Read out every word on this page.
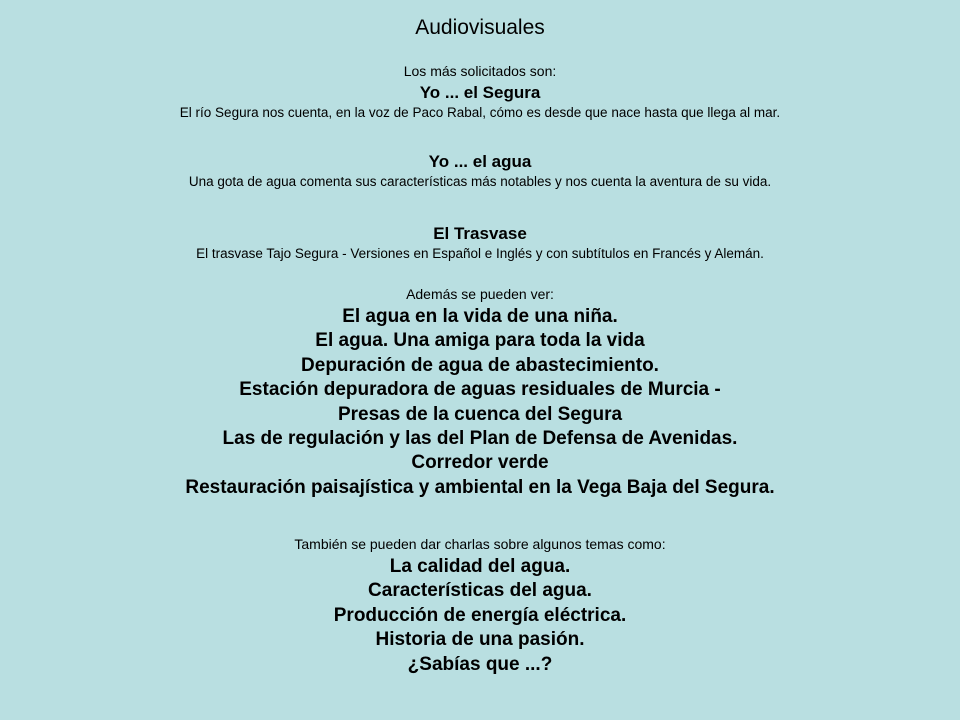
Audiovisuales
Los más solicitados son:
Yo ... el Segura
El río Segura nos cuenta, en la voz de Paco Rabal, cómo es desde que nace hasta que llega al mar.
Yo ... el agua
Una gota de agua comenta sus características más notables y nos cuenta la aventura de su vida.
El Trasvase
El trasvase Tajo Segura - Versiones en Español e Inglés y con subtítulos en Francés y Alemán.
Además se pueden ver:
El agua en la vida de una niña.
El agua. Una amiga para toda la vida
Depuración de agua de abastecimiento.
Estación depuradora de aguas residuales de Murcia -
Presas de la cuenca del Segura
Las de regulación y las del Plan de Defensa de Avenidas.
Corredor verde
Restauración paisajística y ambiental en la Vega Baja del Segura.
También se pueden dar charlas sobre algunos temas como:
La calidad del agua.
Características del agua.
Producción de energía eléctrica.
Historia de una pasión.
¿Sabías que ...?
